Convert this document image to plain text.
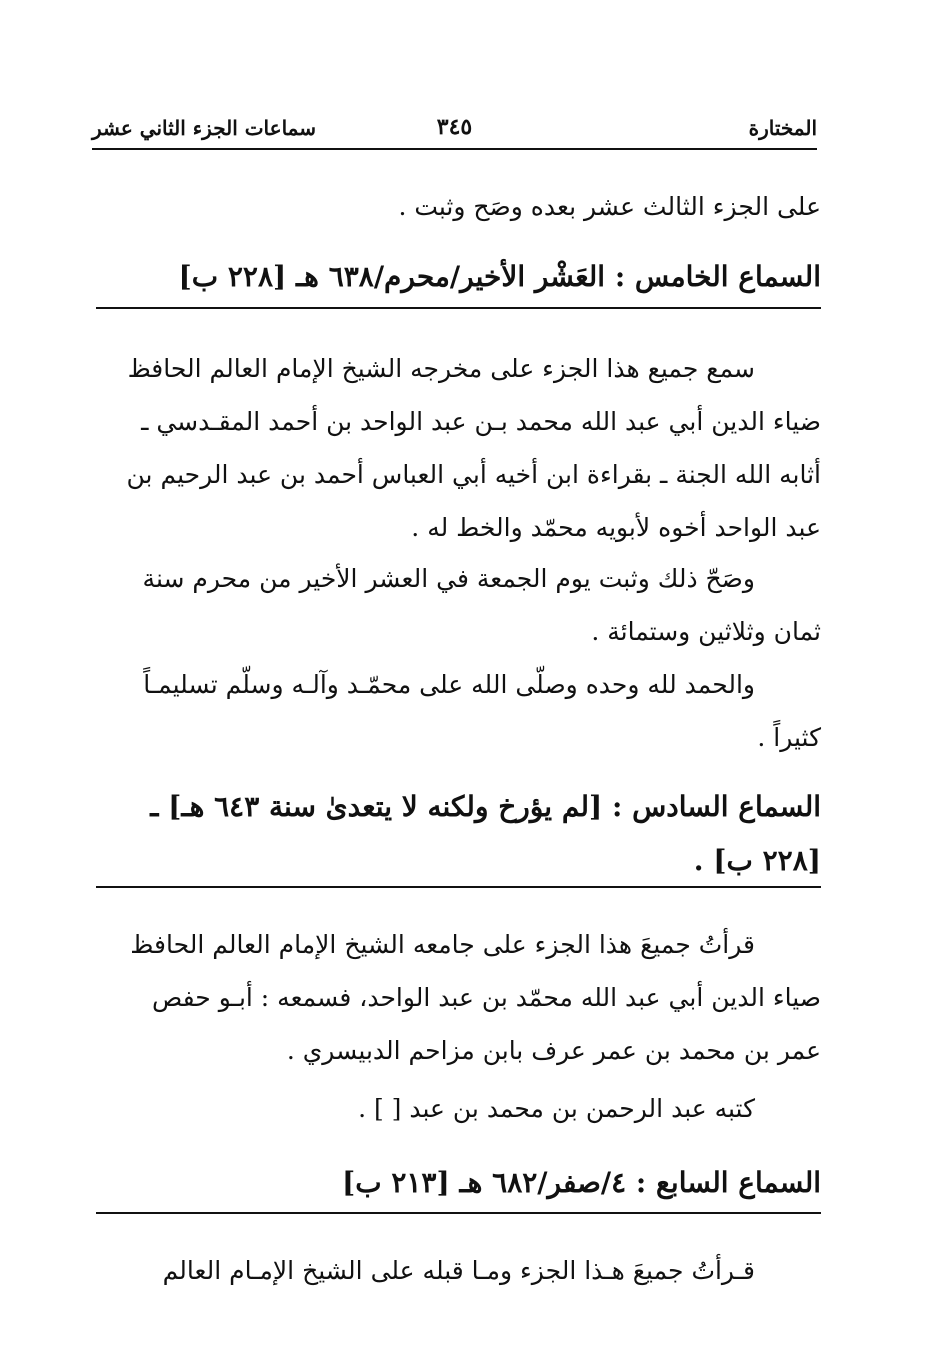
المختارة
٣٤٥
سماعات الجزء الثاني عشر
على الجزء الثالث عشر بعده وصَح وثبت .
السماع الخامس : العَشْر الأخير/محرم/٦٣٨ هـ [٢٢٨ ب]
سمع جميع هذا الجزء على مخرجه الشيخ الإمام العالم الحافظ
ضياء الدين أبي عبد الله محمد بـن عبد الواحد بن أحمد المقـدسي ـ
أثابه الله الجنة ـ بقراءة ابن أخيه أبي العباس أحمد بن عبد الرحيم بن
عبد الواحد أخوه لأبويه محمّد والخط له .
وصَحّ ذلك وثبت يوم الجمعة في العشر الأخير من محرم سنة
ثمان وثلاثين وستمائة .
والحمد لله وحده وصلّى الله على محمّـد وآلـه وسلّم تسليمـاً
كثيراً .
السماع السادس : [لم يؤرخ ولكنه لا يتعدىٰ سنة ٦٤٣ هـ] ـ
[٢٢٨ ب] .
قرأتُ جميعَ هذا الجزء على جامعه الشيخ الإمام العالم الحافظ
صياء الدين أبي عبد الله محمّد بن عبد الواحد، فسمعه : أبـو حفص
عمر بن محمد بن عمر عرف بابن مزاحم الدبيسري .
كتبه عبد الرحمن بن محمد بن عبد [ ] .
السماع السابع : ٤/صفر/٦٨٢ هـ [٢١٣ ب]
قـرأتُ جميعَ هـذا الجزء ومـا قبله على الشيخ الإمـام العالم
